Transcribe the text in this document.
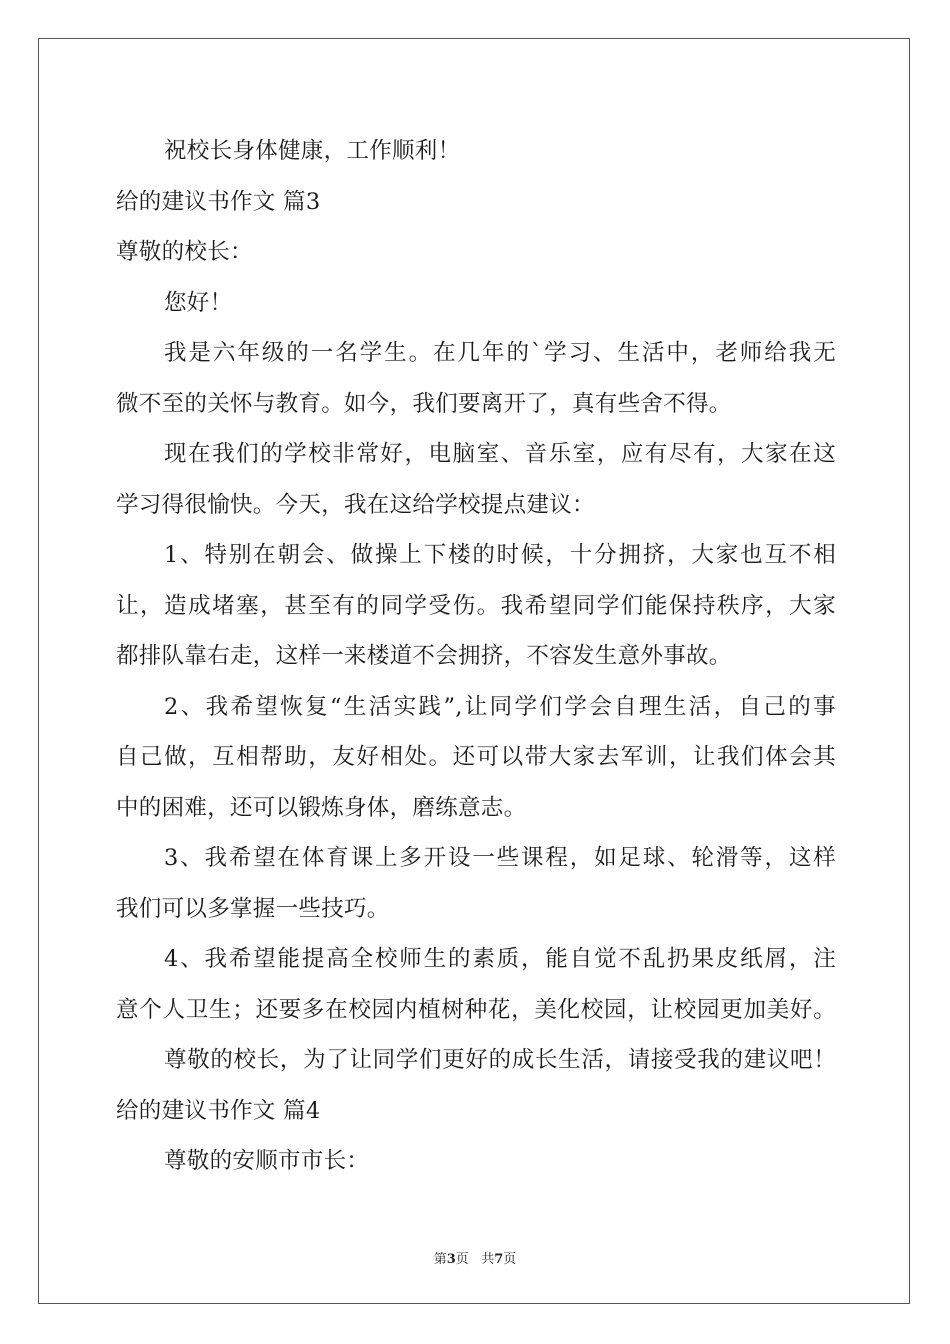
祝校长身体健康，工作顺利！
给的建议书作文 篇3
尊敬的校长：
您好！
我是六年级的一名学生。在几年的`学习、生活中，老师给我无
微不至的关怀与教育。如今，我们要离开了，真有些舍不得。
现在我们的学校非常好，电脑室、音乐室，应有尽有，大家在这
学习得很愉快。今天，我在这给学校提点建议：
1、特别在朝会、做操上下楼的时候，十分拥挤，大家也互不相
让，造成堵塞，甚至有的同学受伤。我希望同学们能保持秩序，大家
都排队靠右走，这样一来楼道不会拥挤，不容发生意外事故。
2、我希望恢复“生活实践”,让同学们学会自理生活，自己的事
自己做，互相帮助，友好相处。还可以带大家去军训，让我们体会其
中的困难，还可以锻炼身体，磨练意志。
3、我希望在体育课上多开设一些课程，如足球、轮滑等，这样
我们可以多掌握一些技巧。
4、我希望能提高全校师生的素质，能自觉不乱扔果皮纸屑，注
意个人卫生；还要多在校园内植树种花，美化校园，让校园更加美好。
尊敬的校长，为了让同学们更好的成长生活，请接受我的建议吧！
给的建议书作文 篇4
尊敬的安顺市市长：
第3页 共7页
